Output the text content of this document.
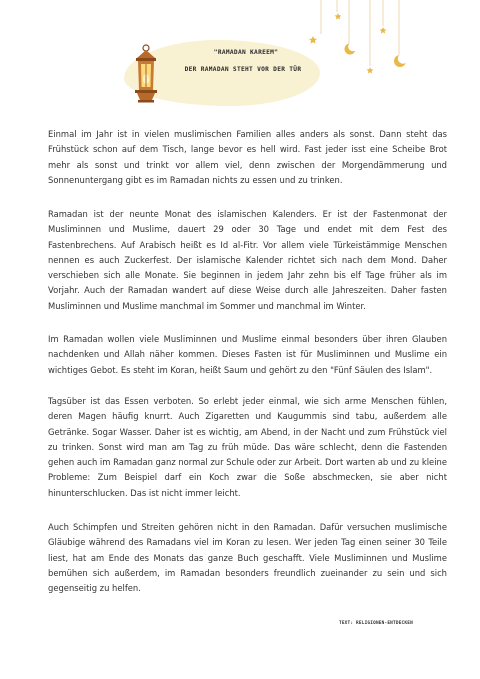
"RAMADAN KAREEM"
DER RAMADAN STEHT VOR DER TÜR

Einmal im Jahr ist in vielen muslimischen Familien alles anders als sonst. Dann steht das Frühstück schon auf dem Tisch, lange bevor es hell wird. Fast jeder isst eine Scheibe Brot mehr als sonst und trinkt vor allem viel, denn zwischen der Morgendämmerung und Sonnenuntergang gibt es im Ramadan nichts zu essen und zu trinken.

Ramadan ist der neunte Monat des islamischen Kalenders. Er ist der Fastenmonat der Musliminnen und Muslime, dauert 29 oder 30 Tage und endet mit dem Fest des Fastenbrechens. Auf Arabisch heißt es Id al-Fitr. Vor allem viele Türkeistämmige Menschen nennen es auch Zuckerfest. Der islamische Kalender richtet sich nach dem Mond. Daher verschieben sich alle Monate. Sie beginnen in jedem Jahr zehn bis elf Tage früher als im Vorjahr. Auch der Ramadan wandert auf diese Weise durch alle Jahreszeiten. Daher fasten Musliminnen und Muslime manchmal im Sommer und manchmal im Winter.

Im Ramadan wollen viele Musliminnen und Muslime einmal besonders über ihren Glauben nachdenken und Allah näher kommen. Dieses Fasten ist für Musliminnen und Muslime ein wichtiges Gebot. Es steht im Koran, heißt Saum und gehört zu den "Fünf Säulen des Islam".

Tagsüber ist das Essen verboten. So erlebt jeder einmal, wie sich arme Menschen fühlen, deren Magen häufig knurrt. Auch Zigaretten und Kaugummis sind tabu, außerdem alle Getränke. Sogar Wasser. Daher ist es wichtig, am Abend, in der Nacht und zum Frühstück viel zu trinken. Sonst wird man am Tag zu früh müde. Das wäre schlecht, denn die Fastenden gehen auch im Ramadan ganz normal zur Schule oder zur Arbeit. Dort warten ab und zu kleine Probleme: Zum Beispiel darf ein Koch zwar die Soße abschmecken, sie aber nicht hinunterschlucken. Das ist nicht immer leicht.

Auch Schimpfen und Streiten gehören nicht in den Ramadan. Dafür versuchen muslimische Gläubige während des Ramadans viel im Koran zu lesen. Wer jeden Tag einen seiner 30 Teile liest, hat am Ende des Monats das ganze Buch geschafft. Viele Musliminnen und Muslime bemühen sich außerdem, im Ramadan besonders freundlich zueinander zu sein und sich gegenseitig zu helfen.

TEXT: RELIGIONEN-ENTDECKEN
